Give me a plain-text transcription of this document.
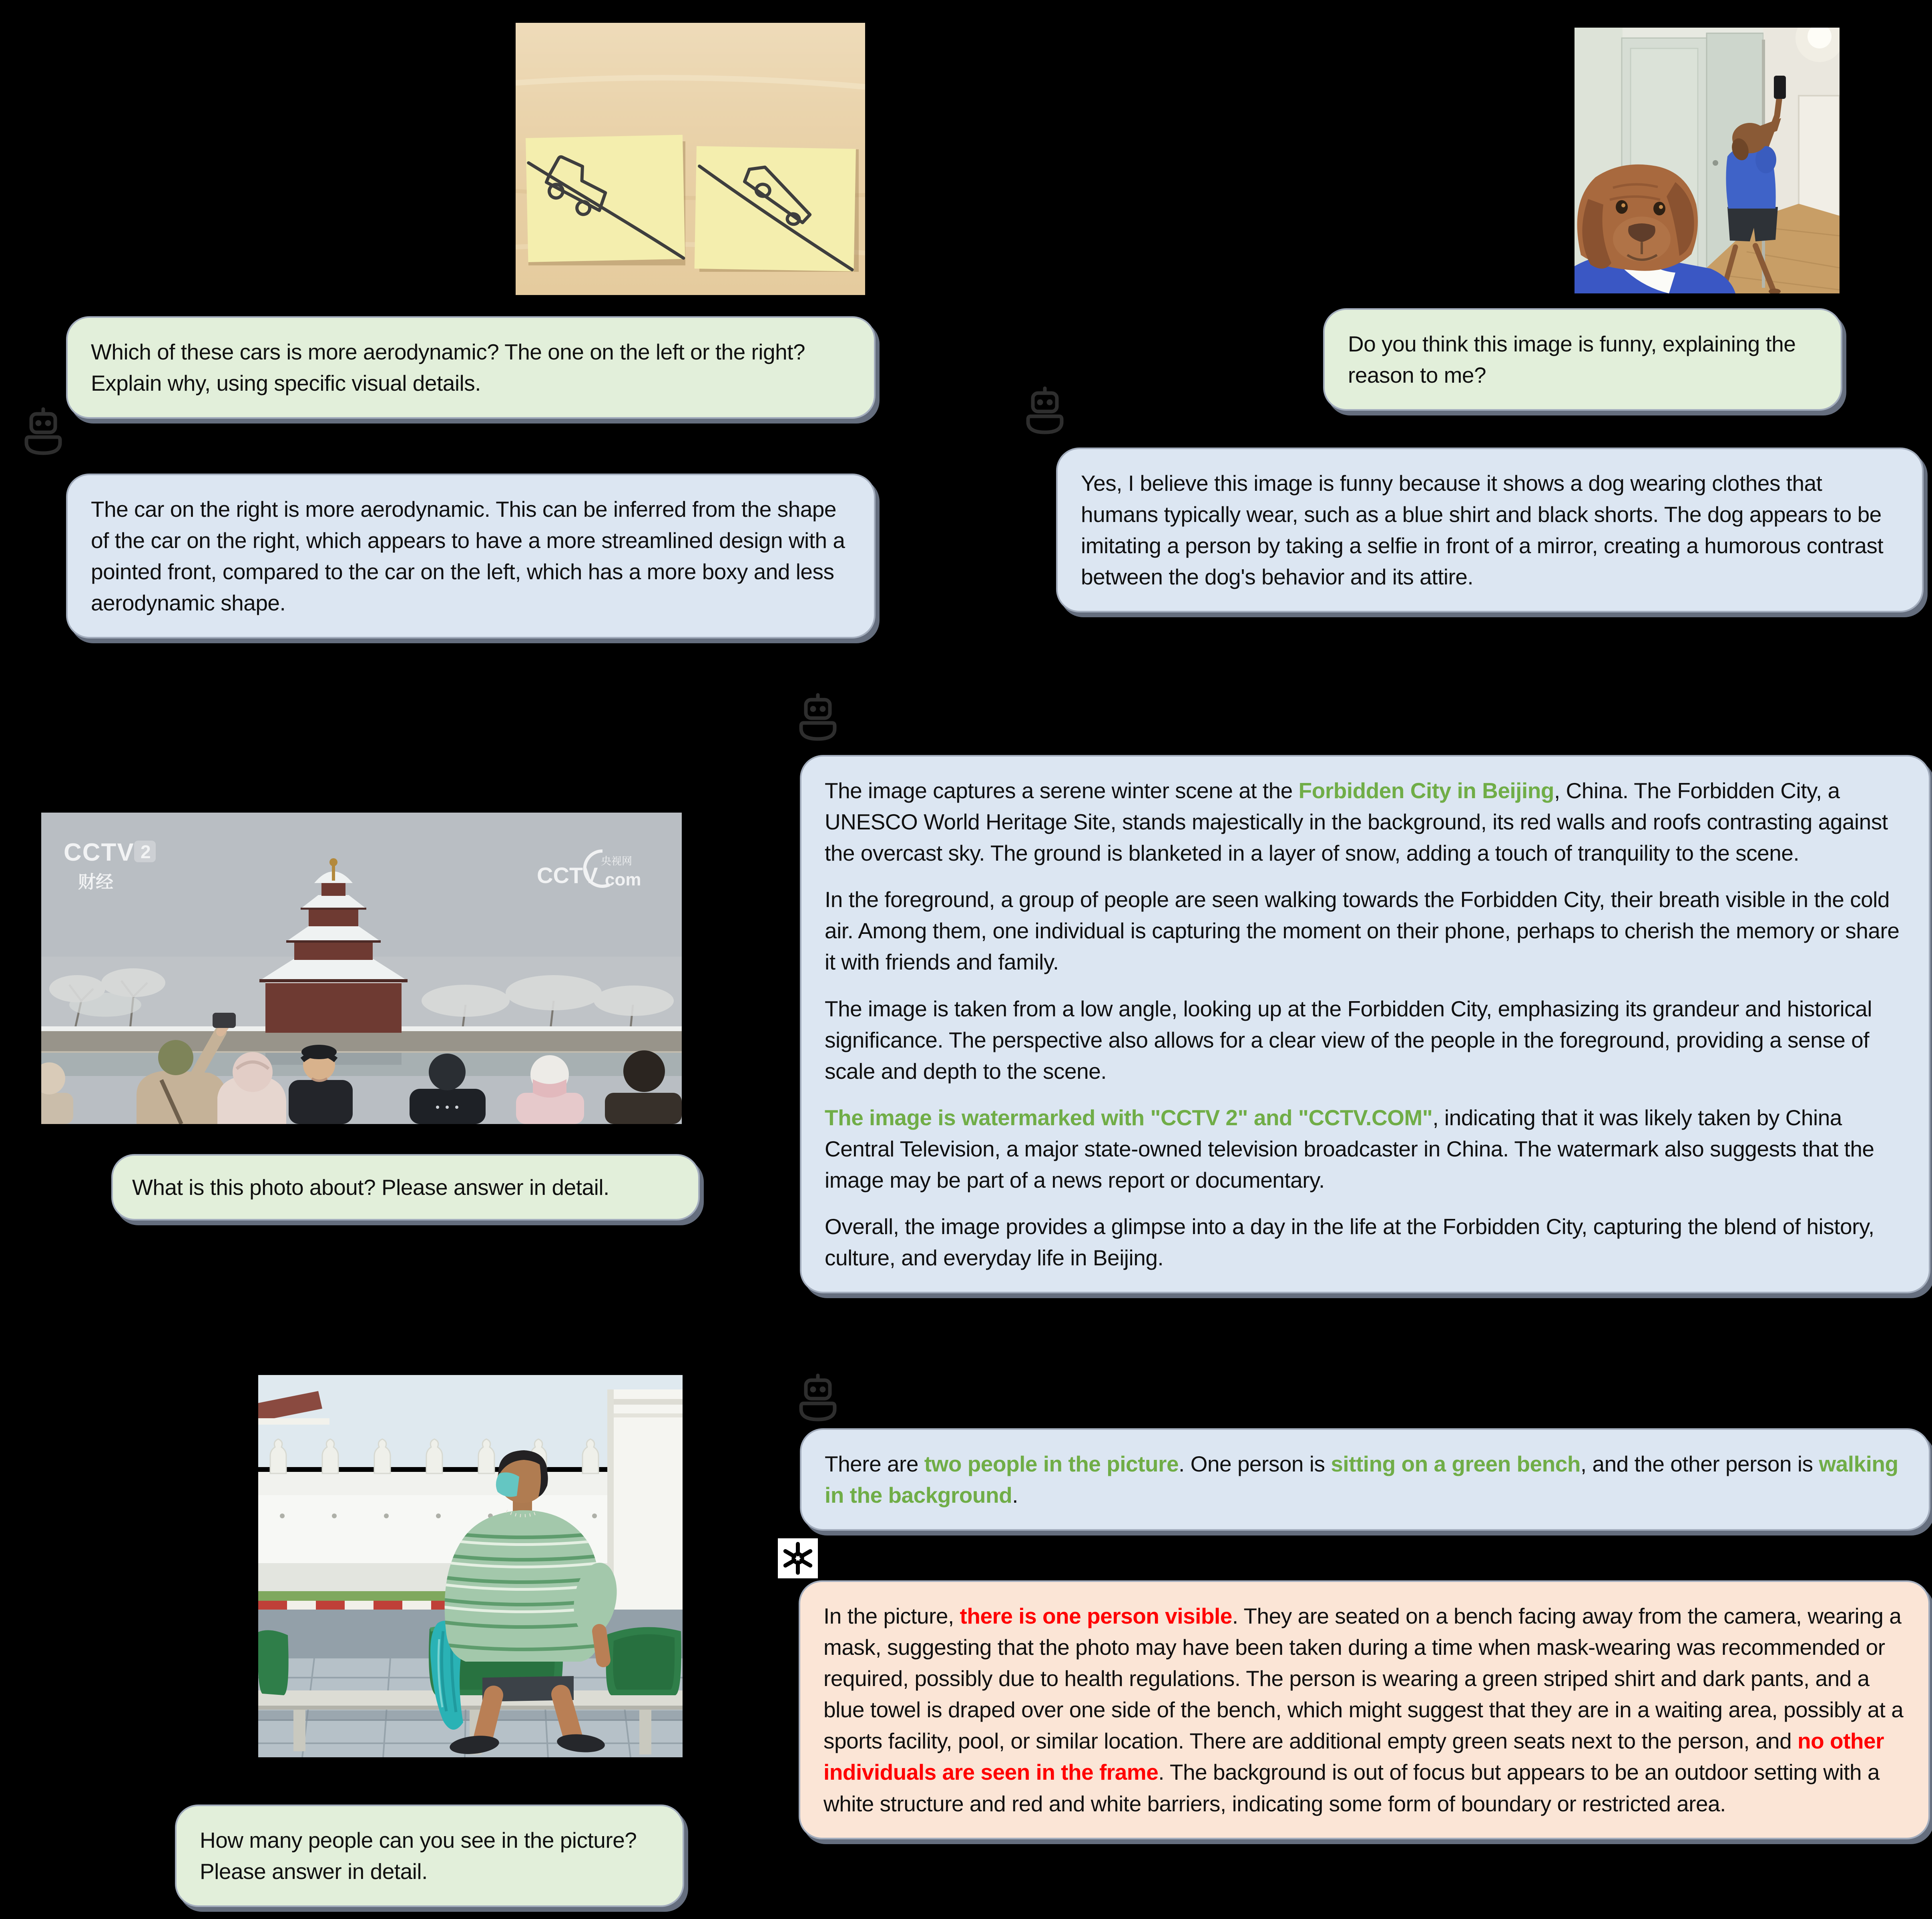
Which of these cars is more aerodynamic? The one on the left or the right? Explain why, using specific visual details.

The car on the right is more aerodynamic. This can be inferred from the shape of the car on the right, which appears to have a more streamlined design with a pointed front, compared to the car on the left, which has a more boxy and less aerodynamic shape.

Do you think this image is funny, explaining the reason to me?

Yes, I believe this image is funny because it shows a dog wearing clothes that humans typically wear, such as a blue shirt and black shorts. The dog appears to be imitating a person by taking a selfie in front of a mirror, creating a humorous contrast between the dog's behavior and its attire.

The image captures a serene winter scene at the Forbidden City in Beijing, China. The Forbidden City, a UNESCO World Heritage Site, stands majestically in the background, its red walls and roofs contrasting against the overcast sky. The ground is blanketed in a layer of snow, adding a touch of tranquility to the scene.

In the foreground, a group of people are seen walking towards the Forbidden City, their breath visible in the cold air. Among them, one individual is capturing the moment on their phone, perhaps to cherish the memory or share it with friends and family.

The image is taken from a low angle, looking up at the Forbidden City, emphasizing its grandeur and historical significance. The perspective also allows for a clear view of the people in the foreground, providing a sense of scale and depth to the scene.

The image is watermarked with "CCTV 2" and "CCTV.COM", indicating that it was likely taken by China Central Television, a major state-owned television broadcaster in China. The watermark also suggests that the image may be part of a news report or documentary.

Overall, the image provides a glimpse into a day in the life at the Forbidden City, capturing the blend of history, culture, and everyday life in Beijing.

CCTV 2
财经	CCTV
央视网
com
What is this photo about? Please answer in detail.

There are two people in the picture. One person is sitting on a green bench, and the other person is walking in the background.

In the picture, there is one person visible. They are seated on a bench facing away from the camera, wearing a mask, suggesting that the photo may have been taken during a time when mask-wearing was recommended or required, possibly due to health regulations. The person is wearing a green striped shirt and dark pants, and a blue towel is draped over one side of the bench, which might suggest that they are in a waiting area, possibly at a sports facility, pool, or similar location. There are additional empty green seats next to the person, and no other individuals are seen in the frame. The background is out of focus but appears to be an outdoor setting with a white structure and red and white barriers, indicating some form of boundary or restricted area.

How many people can you see in the picture? Please answer in detail.
